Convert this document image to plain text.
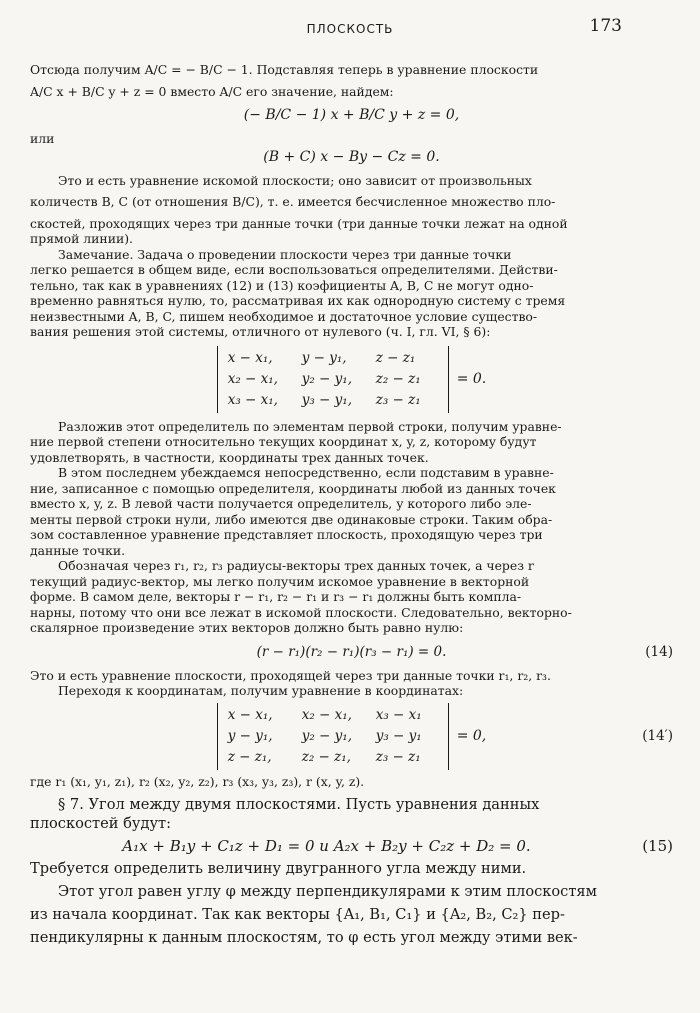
ПЛОСКОСТЬ	173

Отсюда получим A/C = − B/C − 1. Подставляя теперь в уравнение плоскости

A/C x + B/C y + z = 0 вместо A/C его значение, найдем:

(− B/C − 1) x + B/C y + z = 0,

или

(B + C) x − By − Cz = 0.

Это и есть уравнение искомой плоскости; оно зависит от произвольных

количеств B, C (от отношения B/C), т. е. имеется бесчисленное множество пло-

скостей, проходящих через три данные точки (три данные точки лежат на одной

прямой линии).

Замечание. Задача о проведении плоскости через три данные точки

легко решается в общем виде, если воспользоваться определителями. Действи-

тельно, так как в уравнениях (12) и (13) коэфициенты A, B, C не могут одно-

временно равняться нулю, то, рассматривая их как однородную систему с тремя

неизвестными A, B, C, пишем необходимое и достаточное условие существо-

вания решения этой системы, отличного от нулевого (ч. I, гл. VI, § 6):

x − x₁,	y − y₁,	z − z₁
x₂ − x₁,	y₂ − y₁,	z₂ − z₁
x₃ − x₁,	y₃ − y₁,	z₃ − z₁
= 0.

Разложив этот определитель по элементам первой строки, получим уравне-

ние первой степени относительно текущих координат x, y, z, которому будут

удовлетворять, в частности, координаты трех данных точек.

В этом последнем убеждаемся непосредственно, если подставим в уравне-

ние, записанное с помощью определителя, координаты любой из данных точек

вместо x, y, z. В левой части получается определитель, у которого либо эле-

менты первой строки нули, либо имеются две одинаковые строки. Таким обра-

зом составленное уравнение представляет плоскость, проходящую через три

данные точки.

Обозначая через r₁, r₂, r₃ радиусы-векторы трех данных точек, а через r

текущий радиус-вектор, мы легко получим искомое уравнение в векторной

форме. В самом деле, векторы r − r₁, r₂ − r₁ и r₃ − r₁ должны быть компла-

нарны, потому что они все лежат в искомой плоскости. Следовательно, векторно-

скалярное произведение этих векторов должно быть равно нулю:

(r − r₁)(r₂ − r₁)(r₃ − r₁) = 0.	(14)

Это и есть уравнение плоскости, проходящей через три данные точки r₁, r₂, r₃.

Переходя к координатам, получим уравнение в координатах:

x − x₁,	x₂ − x₁,	x₃ − x₁
y − y₁,	y₂ − y₁,	y₃ − y₁
z − z₁,	z₂ − z₁,	z₃ − z₁
= 0,	(14′)

где r₁ (x₁, y₁, z₁), r₂ (x₂, y₂, z₂), r₃ (x₃, y₃, z₃), r (x, y, z).

§ 7. Угол между двумя плоскостями. Пусть уравнения данных

плоскостей будут:

A₁x + B₁y + C₁z + D₁ = 0 и A₂x + B₂y + C₂z + D₂ = 0.	(15)

Требуется определить величину двугранного угла между ними.

Этот угол равен углу φ между перпендикулярами к этим плоскостям

из начала координат. Так как векторы {A₁, B₁, C₁} и {A₂, B₂, C₂} пер-

пендикулярны к данным плоскостям, то φ есть угол между этими век-
